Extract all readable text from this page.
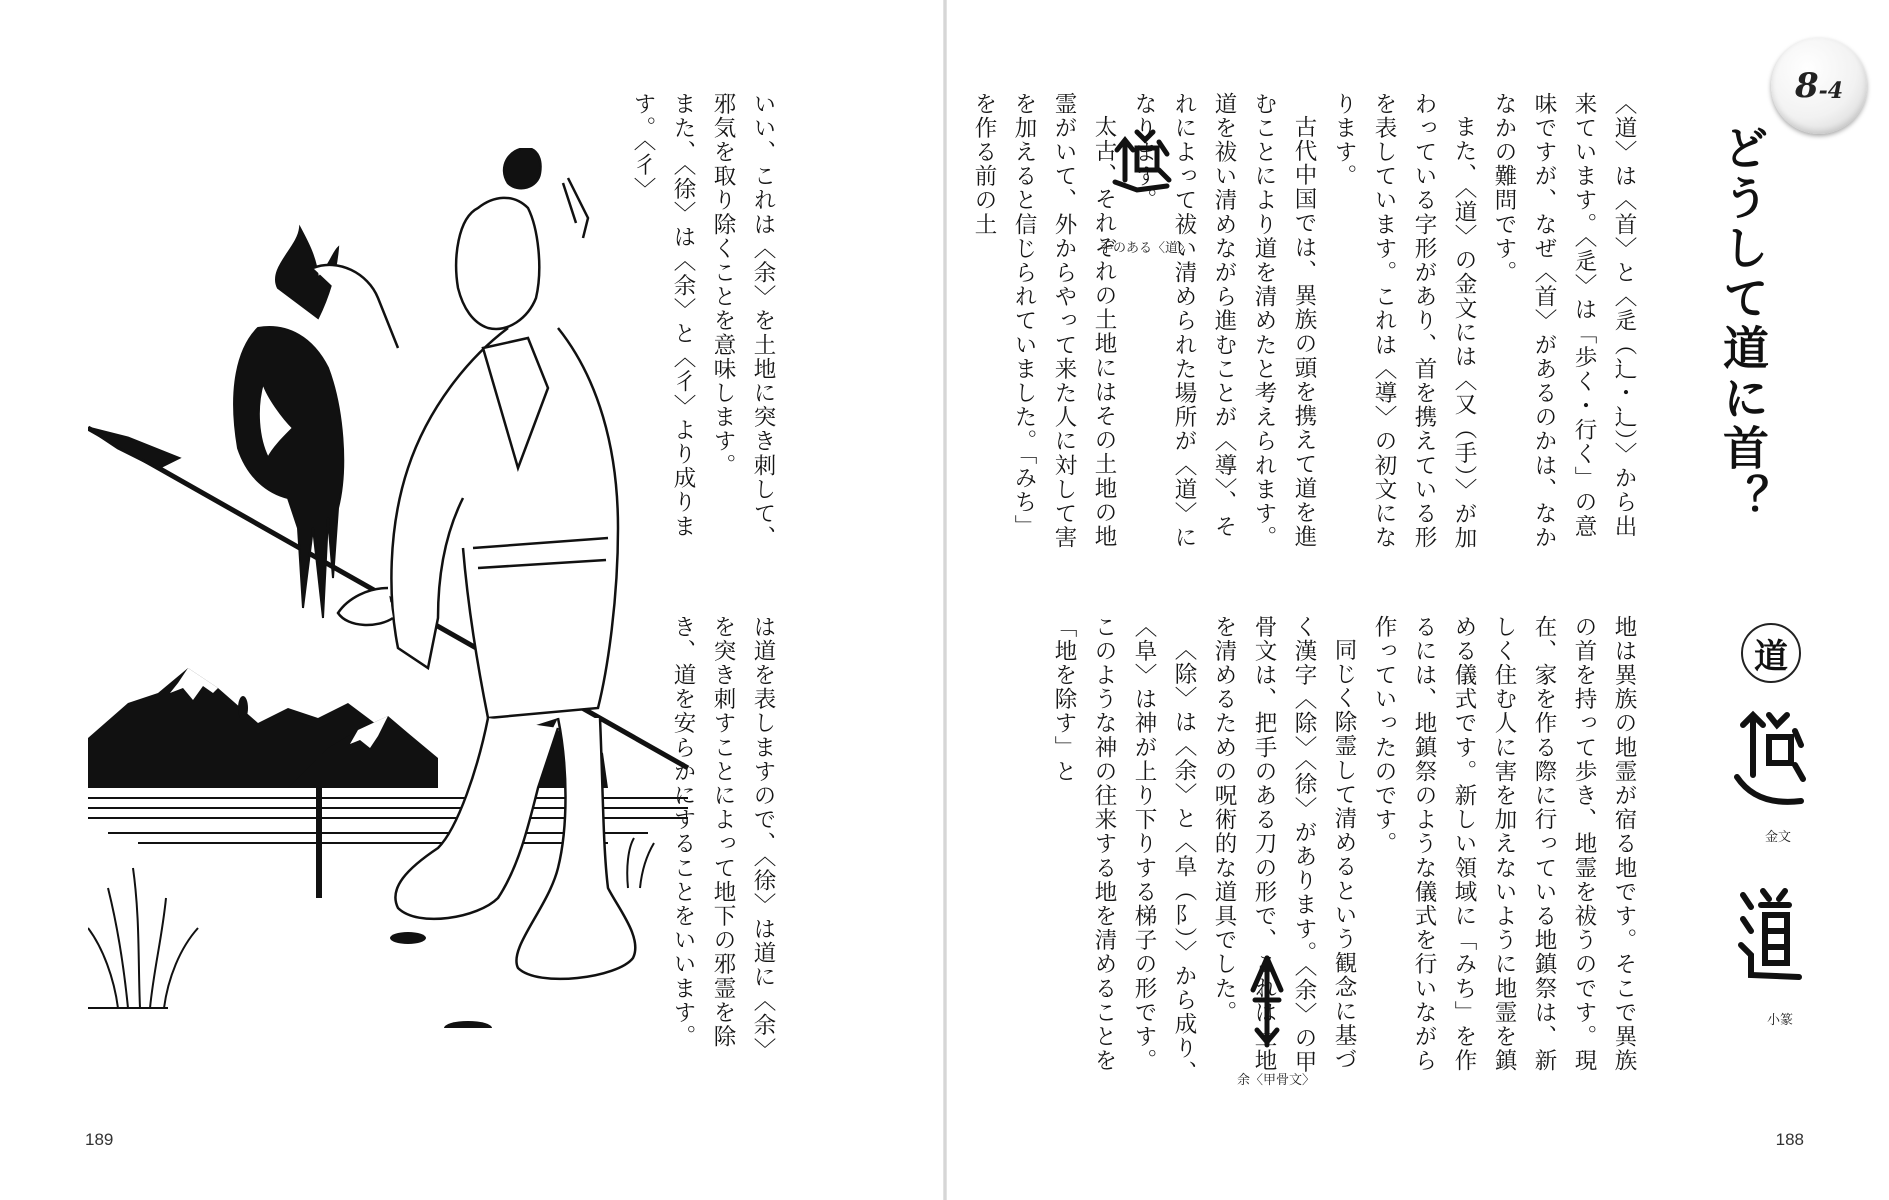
いい、これは〈余〉を土地に突き刺して、邪気を取り除くことを意味します。
また、〈徐〉は〈余〉と〈彳〉より成ります。〈彳〉

は道を表しますので、〈徐〉は道に〈余〉を突き刺すことによって地下の邪霊を除き、道を安らかにすることをいいます。

189
8 -4
どうして道に首？

〈道〉は〈首〉と〈辵（辶・⻌）〉から出来ています。〈辵〉は「歩く・行く」の意味ですが、なぜ〈首〉があるのかは、なかなかの難問です。

また、〈道〉の金文には〈又（手）〉が加わっている字形があり、首を携えている形を表しています。これは〈導〉の初文になります。

古代中国では、異族の頭を携えて道を進むことにより道を清めたと考えられます。道を祓い清めながら進むことが〈導〉、それによって祓い清められた場所が〈道〉になります。

太古、それぞれの土地にはその土地の地霊がいて、外からやって来た人に対して害を加えると信じられていました。「みち」を作る前の土

手のある〈道〉

地は異族の地霊が宿る地です。そこで異族の首を持って歩き、地霊を祓うのです。現在、家を作る際に行っている地鎮祭は、新しく住む人に害を加えないように地霊を鎮める儀式です。新しい領域に「みち」を作るには、地鎮祭のような儀式を行いながら作っていったのです。

同じく除霊して清めるという観念に基づく漢字〈除〉〈徐〉があります。〈余〉の甲骨文は、把手のある刀の形で、これは土地を清めるための呪術的な道具でした。

〈除〉は〈余〉と〈阜（阝）〉から成り、〈阜〉は神が上り下りする梯子の形です。このような神の往来する地を清めることを「地を除す」と

余〈甲骨文〉
道
金文
小篆
188
